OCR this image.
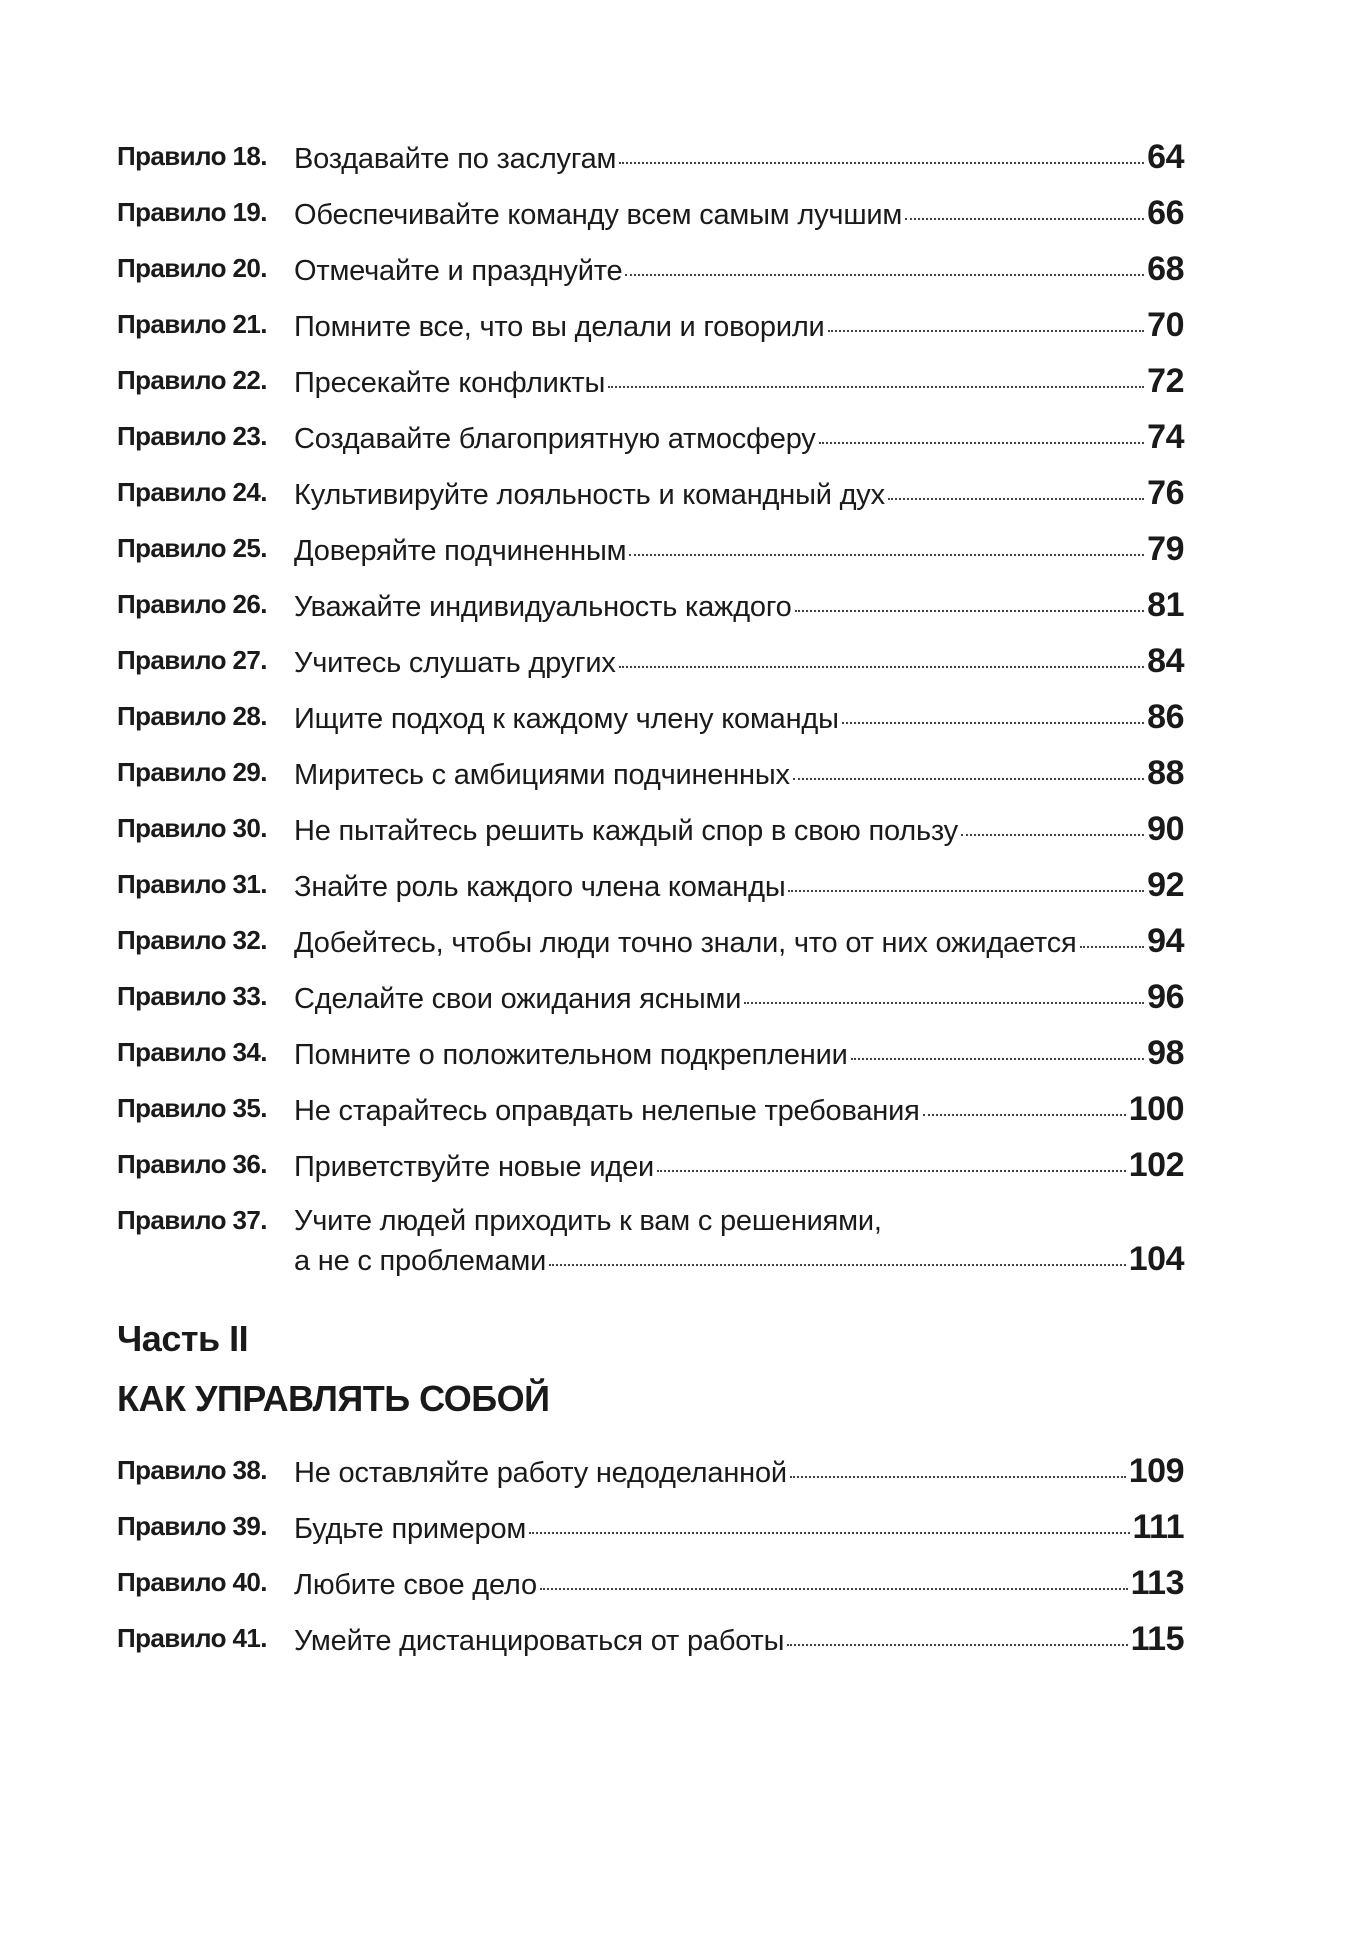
Правило 18. Воздавайте по заслугам	64
Правило 19. Обеспечивайте команду всем самым лучшим	66
Правило 20. Отмечайте и празднуйте	68
Правило 21. Помните все, что вы делали и говорили	70
Правило 22. Пресекайте конфликты	72
Правило 23. Создавайте благоприятную атмосферу	74
Правило 24. Культивируйте лояльность и командный дух	76
Правило 25. Доверяйте подчиненным	79
Правило 26. Уважайте индивидуальность каждого	81
Правило 27. Учитесь слушать других	84
Правило 28. Ищите подход к каждому члену команды	86
Правило 29. Миритесь с амбициями подчиненных	88
Правило 30. Не пытайтесь решить каждый спор в свою пользу	90
Правило 31. Знайте роль каждого члена команды	92
Правило 32. Добейтесь, чтобы люди точно знали, что от них ожидается 94
Правило 33. Сделайте свои ожидания ясными	96
Правило 34. Помните о положительном подкреплении	98
Правило 35. Не старайтесь оправдать нелепые требования	100
Правило 36. Приветствуйте новые идеи	102
Правило 37. Учите людей приходить к вам с решениями,
а не с проблемами	104
Часть II
КАК УПРАВЛЯТЬ СОБОЙ
Правило 38. Не оставляйте работу недоделанной	109
Правило 39. Будьте примером	111
Правило 40. Любите свое дело	113
Правило 41. Умейте дистанцироваться от работы	115
